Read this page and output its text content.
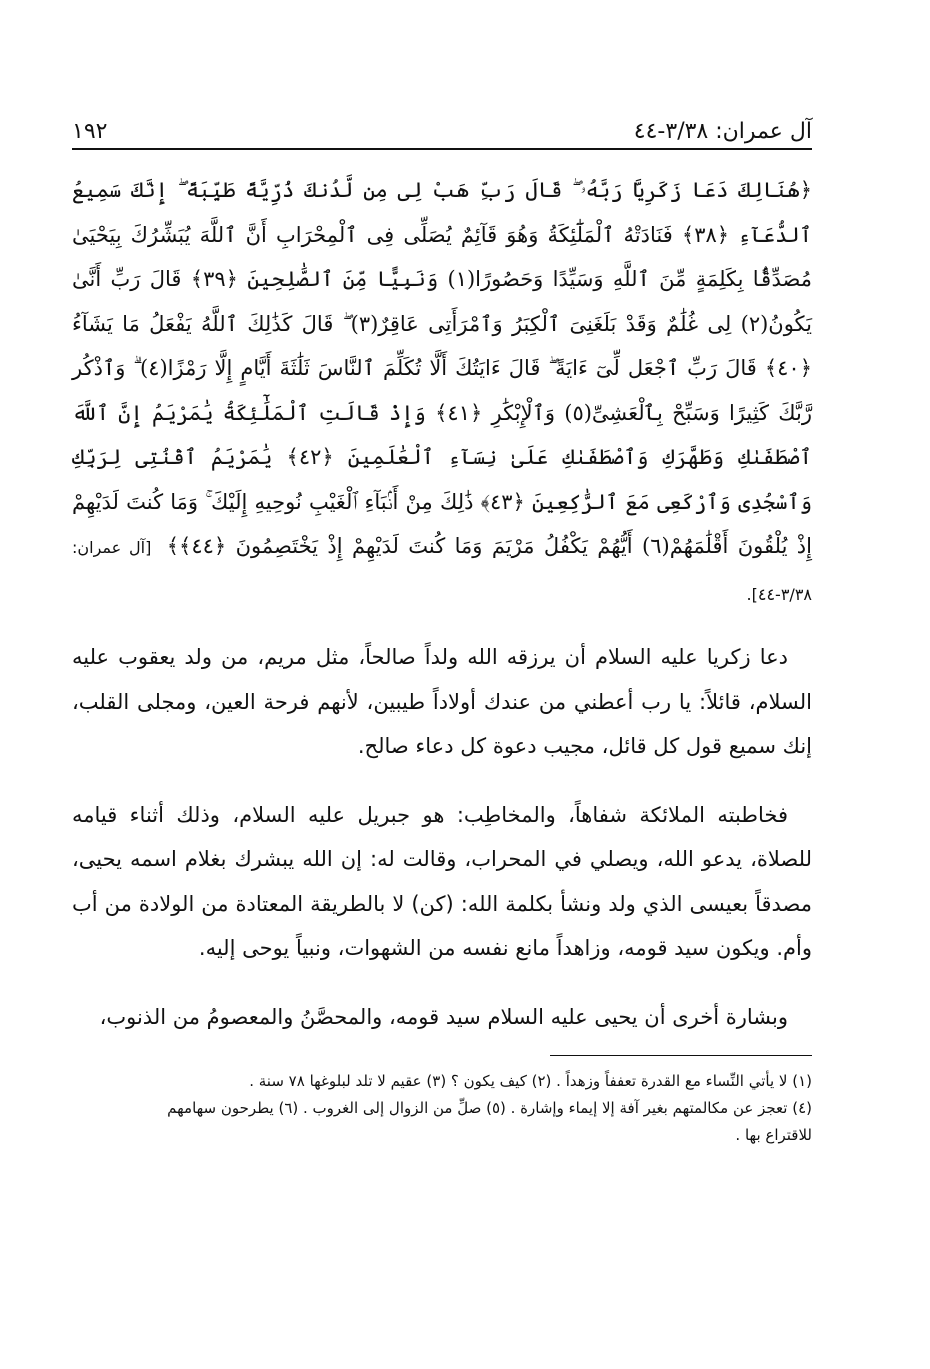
آل عمران: ٣/٣٨-٤٤
١٩٢
﴿هُنَالِكَ دَعَا زَكَرِيَّا رَبَّهُۥ ۖ قَالَ رَبِّ هَبْ لِى مِن لَّدُنكَ ذُرِّيَّةً طَيِّبَةً ۖ إِنَّكَ سَمِيعُ ٱلدُّعَآءِ ﴿٣٨﴾ فَنَادَتْهُ ٱلْمَلَٰٓئِكَةُ وَهُوَ قَآئِمٌ يُصَلِّى فِى ٱلْمِحْرَابِ أَنَّ ٱللَّهَ يُبَشِّرُكَ بِيَحْيَىٰ مُصَدِّقًۢا بِكَلِمَةٍ مِّنَ ٱللَّهِ وَسَيِّدًا وَحَصُورًا(١) وَنَبِيًّا مِّنَ ٱلصَّٰلِحِينَ ﴿٣٩﴾ قَالَ رَبِّ أَنَّىٰ يَكُونُ(٢) لِى غُلَٰمٌ وَقَدْ بَلَغَنِىَ ٱلْكِبَرُ وَٱمْرَأَتِى عَاقِرٌ(٣) ۖ قَالَ كَذَٰلِكَ ٱللَّهُ يَفْعَلُ مَا يَشَآءُ ﴿٤٠﴾ قَالَ رَبِّ ٱجْعَل لِّىٓ ءَايَةً ۖ قَالَ ءَايَتُكَ أَلَّا تُكَلِّمَ ٱلنَّاسَ ثَلَٰثَةَ أَيَّامٍ إِلَّا رَمْزًا(٤) ۗ وَٱذْكُر رَّبَّكَ كَثِيرًا وَسَبِّحْ بِٱلْعَشِىِّ(٥) وَٱلْإِبْكَٰرِ ﴿٤١﴾ وَإِذْ قَالَتِ ٱلْمَلَٰٓئِكَةُ يَٰمَرْيَمُ إِنَّ ٱللَّهَ ٱصْطَفَىٰكِ وَطَهَّرَكِ وَٱصْطَفَىٰكِ عَلَىٰ نِسَآءِ ٱلْعَٰلَمِينَ ﴿٤٢﴾ يَٰمَرْيَمُ ٱقْنُتِى لِرَبِّكِ وَٱسْجُدِى وَٱرْكَعِى مَعَ ٱلرَّٰكِعِينَ ﴿٤٣﴾ ذَٰلِكَ مِنْ أَنۢبَآءِ ٱلْغَيْبِ نُوحِيهِ إِلَيْكَ ۚ وَمَا كُنتَ لَدَيْهِمْ إِذْ يُلْقُونَ أَقْلَٰمَهُمْ(٦) أَيُّهُمْ يَكْفُلُ مَرْيَمَ وَمَا كُنتَ لَدَيْهِمْ إِذْ يَخْتَصِمُونَ ﴿٤٤﴾﴾ [آل عمران: ٣/٣٨-٤٤].

دعا زكريا عليه السلام أن يرزقه الله ولداً صالحاً، مثل مريم، من ولد يعقوب عليه السلام، قائلاً: يا رب أعطني من عندك أولاداً طيبين، لأنهم فرحة العين، ومجلى القلب، إنك سميع قول كل قائل، مجيب دعوة كل دعاء صالح.

فخاطبته الملائكة شفاهاً، والمخاطِب: هو جبريل عليه السلام، وذلك أثناء قيامه للصلاة، يدعو الله، ويصلي في المحراب، وقالت له: إن الله يبشرك بغلام اسمه يحيى، مصدقاً بعيسى الذي ولد ونشأ بكلمة الله: (كن) لا بالطريقة المعتادة من الولادة من أب وأم. ويكون سيد قومه، وزاهداً مانع نفسه من الشهوات، ونبياً يوحى إليه.

وبشارة أخرى أن يحيى عليه السلام سيد قومه، والمحصَّنُ والمعصومُ من الذنوب،

(١) لا يأتي النِّساء مع القدرة تعففاً وزهداً . (٢) كيف يكون ؟ (٣) عقيم لا تلد لبلوغها ٧٨ سنة .
(٤) تعجز عن مكالمتهم بغير آفة إلا إيماء وإشارة . (٥) صلِّ من الزوال إلى الغروب . (٦) يطرحون سهامهم
للاقتراع بها .
